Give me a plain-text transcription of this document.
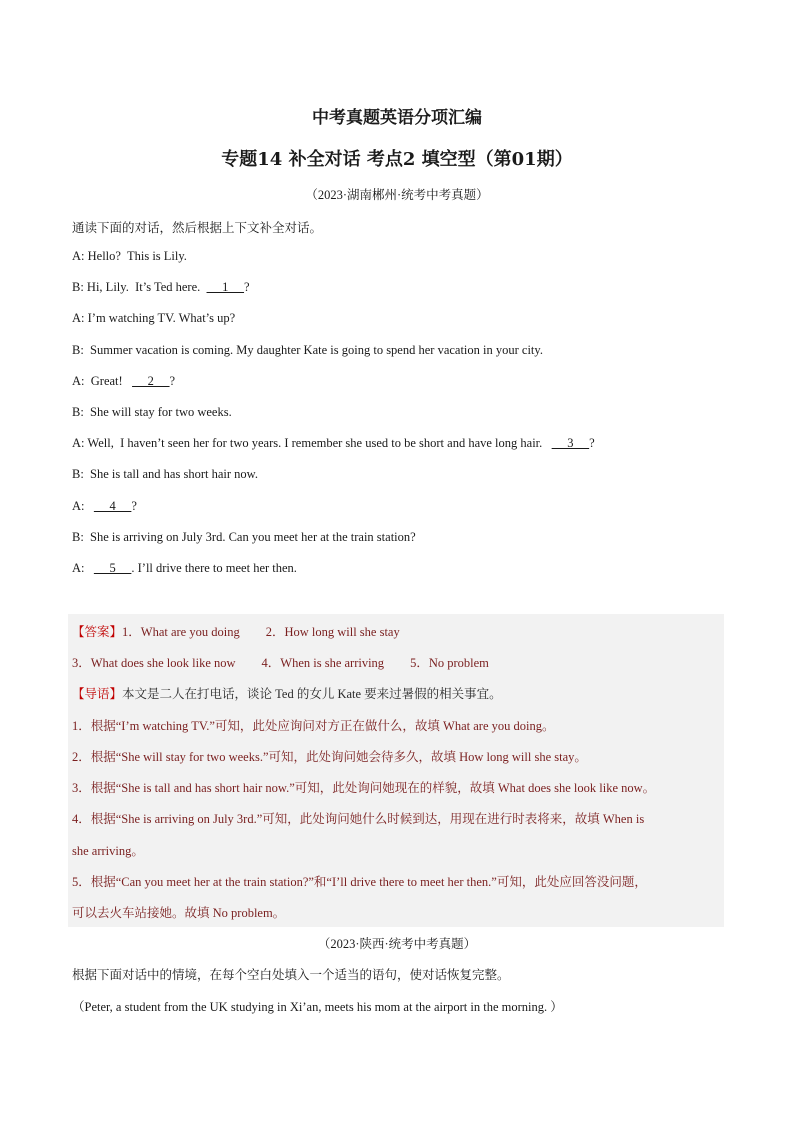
中考真题英语分项汇编
专题14 补全对话 考点2 填空型（第01期）
（2023·湖南郴州·统考中考真题）
通读下面的对话，然后根据上下文补全对话。
A: Hello?  This is Lily.
B: Hi, Lily.  It’s Ted here.       1     ?
A: I’m watching TV. What’s up?
B:  Summer vacation is coming. My daughter Kate is going to spend her vacation in your city.
A:  Great!        2     ?
B:  She will stay for two weeks.
A: Well,  I haven’t seen her for two years. I remember she used to be short and have long hair.        3     ?
B:  She is tall and has short hair now.
A:        4     ?
B:  She is arriving on July 3rd. Can you meet her at the train station?
A:        5     . I’ll drive there to meet her then.
【答案】1．What are you doing 2．How long will she stay
3．What does she look like now 4．When is she arriving 5．No problem
【导语】本文是二人在打电话，谈论 Ted 的女儿 Kate 要来过暑假的相关事宜。
1．根据“I’m watching TV.”可知，此处应询问对方正在做什么，故填 What are you doing。
2．根据“She will stay for two weeks.”可知，此处询问她会待多久，故填 How long will she stay。
3．根据“She is tall and has short hair now.”可知，此处询问她现在的样貌，故填 What does she look like now。
4．根据“She is arriving on July 3rd.”可知，此处询问她什么时候到达，用现在进行时表将来，故填 When is
she arriving。
5．根据“Can you meet her at the train station?”和“I’ll drive there to meet her then.”可知，此处应回答没问题，
可以去火车站接她。故填 No problem。
（2023·陕西·统考中考真题）
根据下面对话中的情境，在每个空白处填入一个适当的语句，使对话恢复完整。
（Peter, a student from the UK studying in Xi’an, meets his mom at the airport in the morning. ）
